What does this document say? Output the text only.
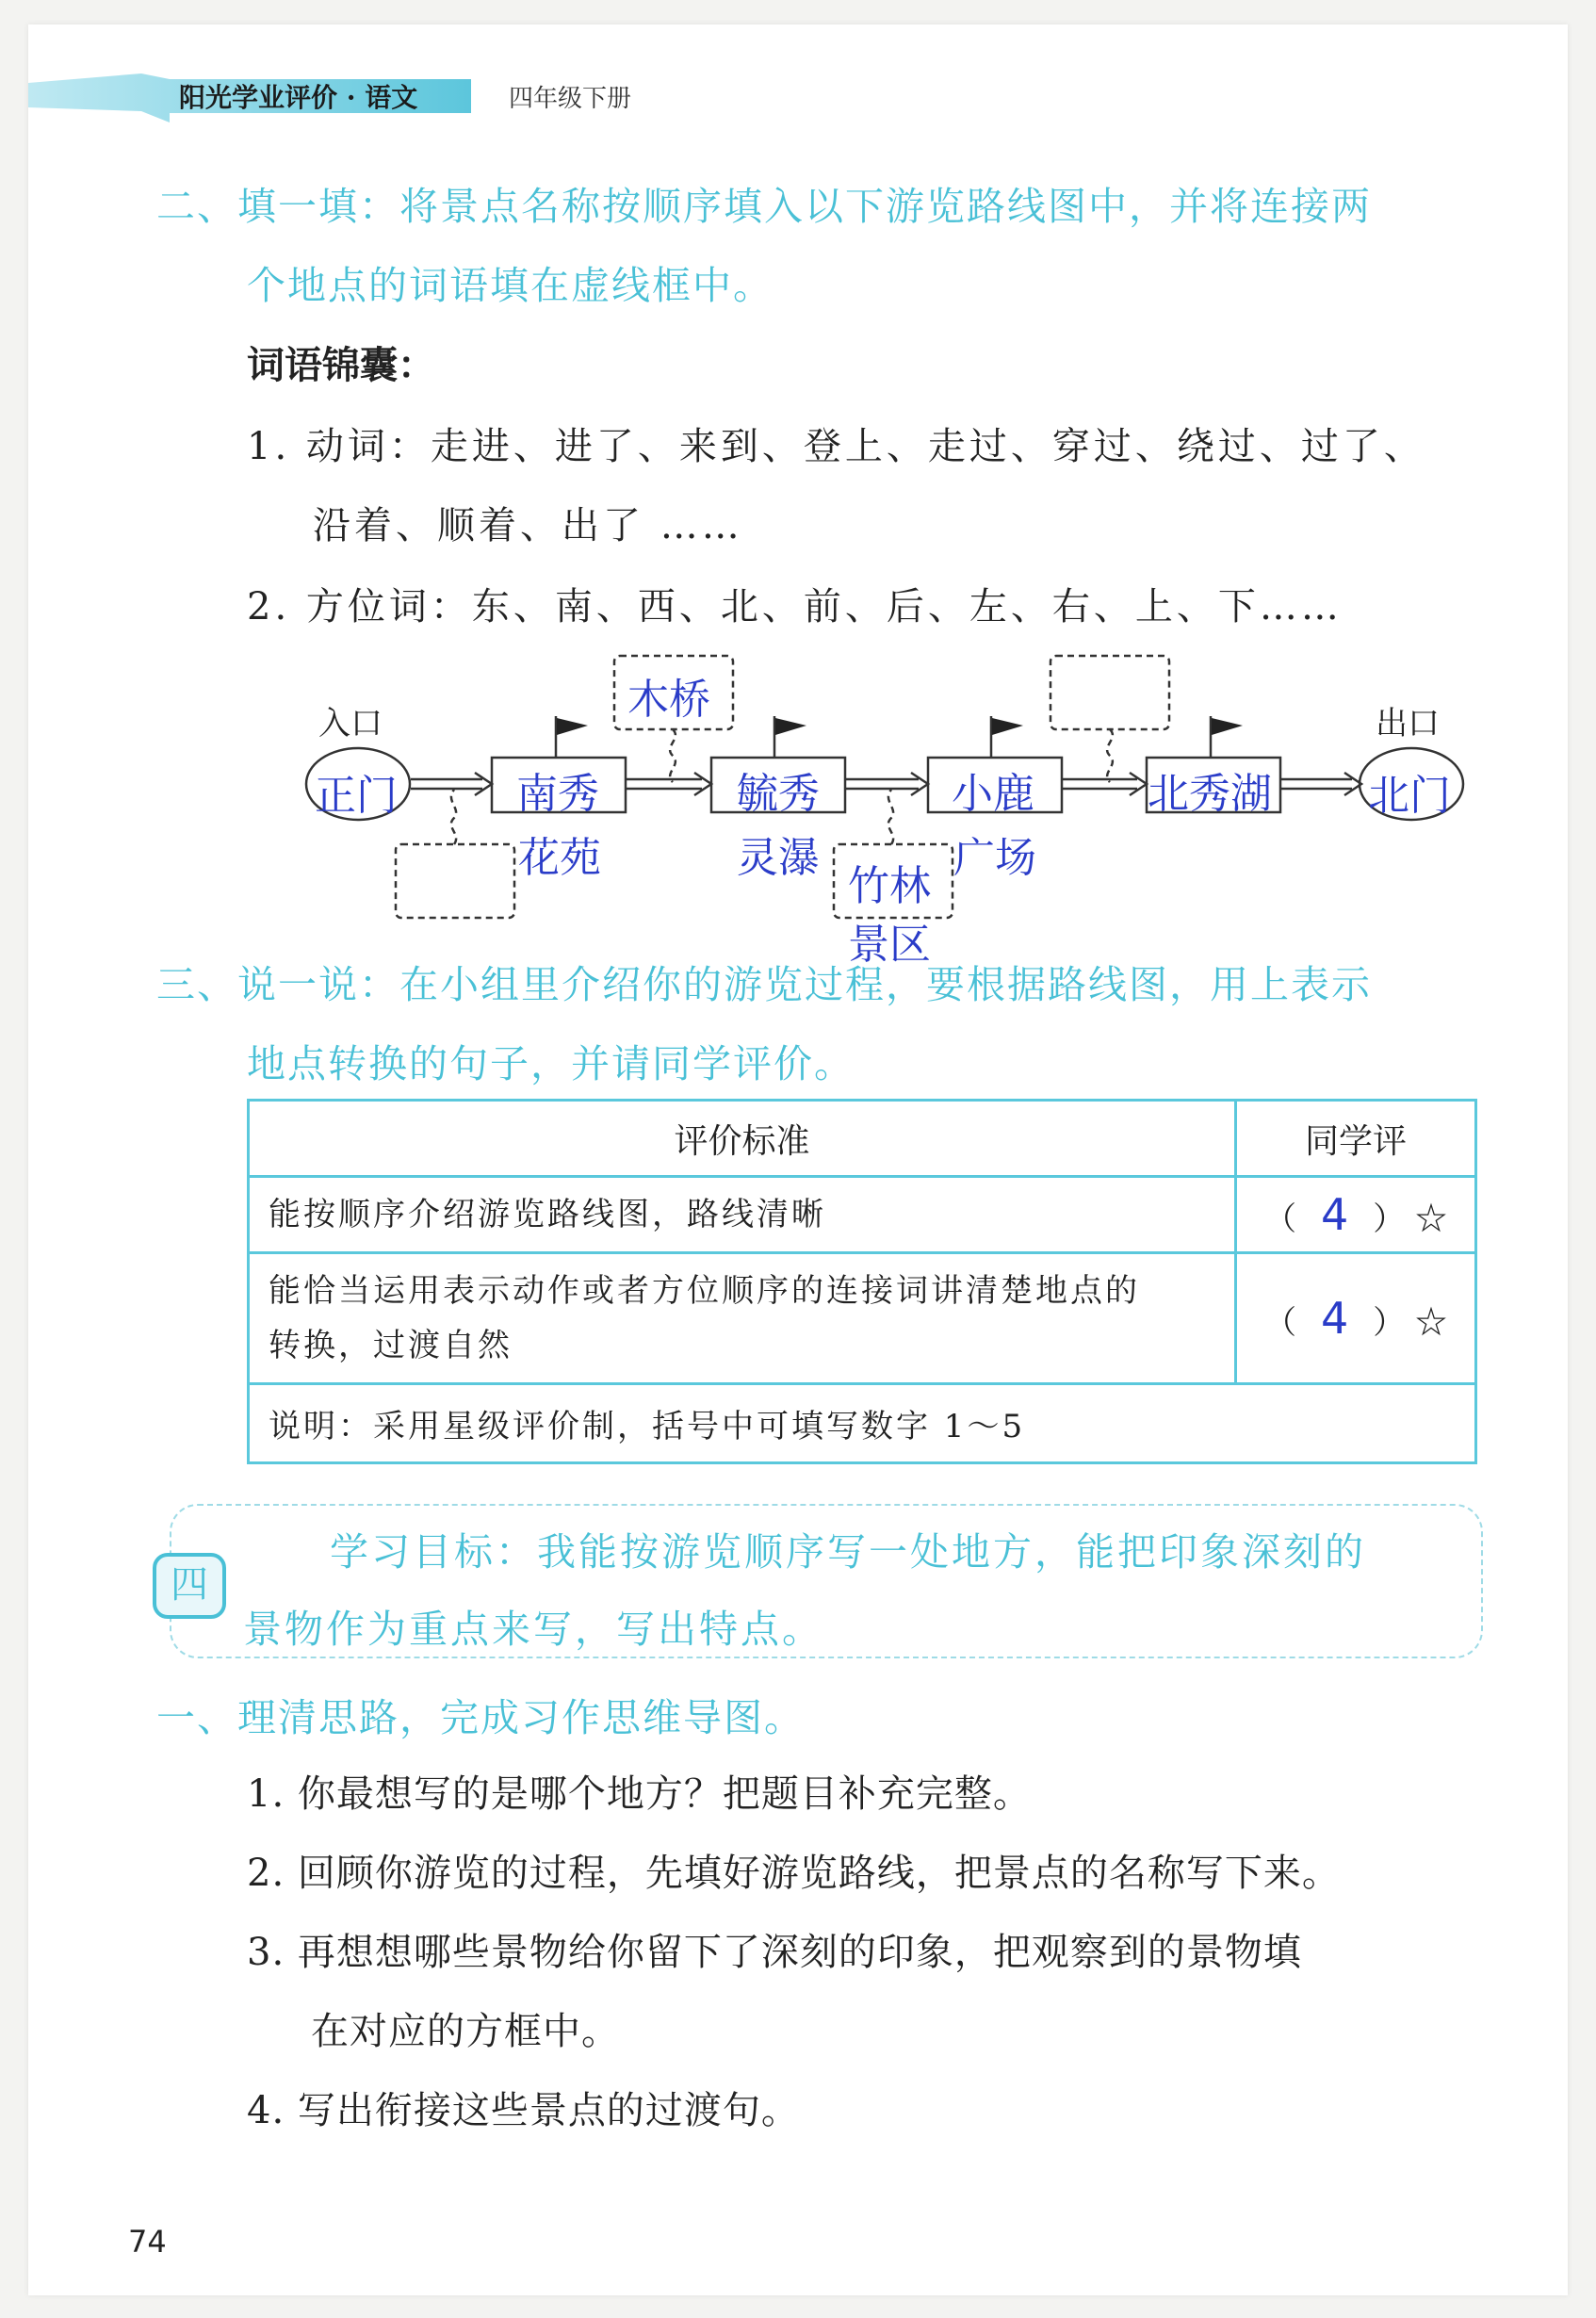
阳光学业评价 · 语文	四年级下册
二、填一填：将景点名称按顺序填入以下游览路线图中，并将连接两
个地点的词语填在虚线框中。
词语锦囊：
1. 动词：走进、进了、来到、登上、走过、穿过、绕过、过了、
沿着、顺着、出了 ……
2. 方位词：东、南、西、北、前、后、左、右、上、下……
入口	出口
正门	北门
南秀
花苑
毓秀
灵瀑
小鹿
广场
北秀湖
木桥
竹林
景区
三、说一说：在小组里介绍你的游览过程，要根据路线图，用上表示
地点转换的句子，并请同学评价。
评价标准	同学评
能按顺序介绍游览路线图，路线清晰	（ 4 ） ☆

能恰当运用表示动作或者方位顺序的连接词讲清楚地点的
转换，过渡自然	（ 4 ） ☆
说明：采用星级评价制，括号中可填写数字 1～5	
四
学习目标：我能按游览顺序写一处地方，能把印象深刻的
景物作为重点来写，写出特点。
一、理清思路，完成习作思维导图。
1. 你最想写的是哪个地方？把题目补充完整。
2. 回顾你游览的过程，先填好游览路线，把景点的名称写下来。
3. 再想想哪些景物给你留下了深刻的印象，把观察到的景物填
在对应的方框中。
4. 写出衔接这些景点的过渡句。
74
